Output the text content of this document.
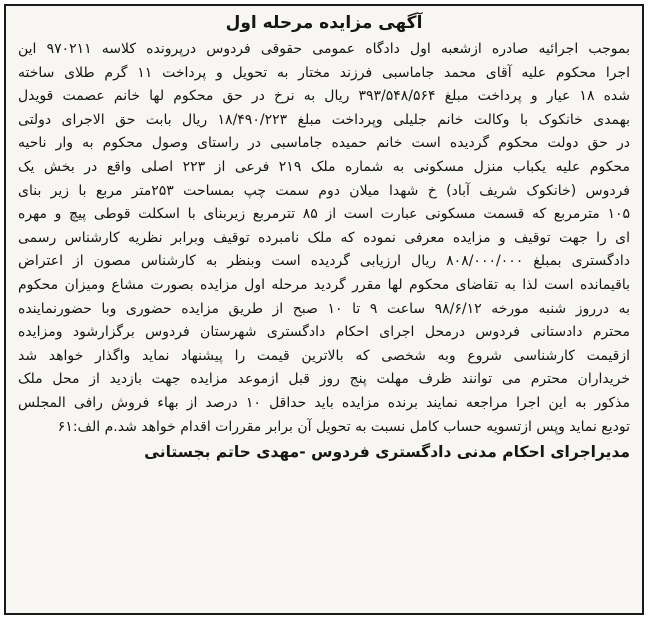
آگهی مزایده مرحله اول
بموجب اجرائیه صادره ازشعبه اول دادگاه عمومی حقوقی فردوس درپرونده کلاسه ۹۷۰۲۱۱ این
اجرا محکوم علیه آقای محمد جاماسبی فرزند مختار به تحویل و پرداخت ۱۱ گرم طلای ساخته
شده ۱۸ عیار و پرداخت مبلغ ۳۹۳/۵۴۸/۵۶۴ ریال به نرخ در حق محکوم لها خانم عصمت قویدل
بهمدی خانکوک با وکالت خانم جلیلی وپرداخت مبلغ ۱۸/۴۹۰/۲۲۳ ریال بابت حق الاجرای دولتی
در حق دولت محکوم گردیده است خانم حمیده جاماسبی در راستای وصول محکوم به وار ناحیه
محکوم علیه یکباب منزل مسکونی به شماره ملک ۲۱۹ فرعی از ۲۲۳ اصلی واقع در بخش یک
فردوس (خانکوک شریف آباد) خ شهدا میلان دوم سمت چپ بمساحت ۲۵۳متر مربع با زیر بنای
۱۰۵ مترمربع که قسمت مسکونی عبارت است از ۸۵ تترمربع زیربنای با اسکلت قوطی پیچ و مهره
ای را جهت توقیف و مزایده معرفی نموده که ملک نامبرده توقیف وبرابر نظریه کارشناس رسمی
دادگستری بمبلغ ۸۰۸/۰۰۰/۰۰۰ ریال ارزیابی گردیده است وبنظر به کارشناس مصون از اعتراض
باقیمانده است لذا به تقاضای محکوم لها مقرر گردید مرحله اول مزایده بصورت مشاع ومیزان محکوم
به درروز شنبه مورخه ۹۸/۶/۱۲ ساعت ۹ تا ۱۰ صبح از طریق مزایده حضوری وبا حضورنماینده
محترم دادستانی فردوس درمحل اجرای احکام دادگستری شهرستان فردوس برگزارشود ومزایده
ازقیمت کارشناسی شروع وبه شخصی که بالاترین قیمت را پیشنهاد نماید واگذار خواهد شد
خریداران محترم می توانند ظرف مهلت پنج روز قبل ازموعد مزایده جهت بازدید از محل ملک
مذکور به این اجرا مراجعه نمایند برنده مزایده باید حداقل ۱۰ درصد از بهاء فروش رافی المجلس
تودیع نماید وپس ازتسویه حساب کامل نسبت به تحویل آن برابر مقررات اقدام خواهد شد.م الف:۶۱
مدیراجرای احکام مدنی دادگستری فردوس -مهدی حاتم بجستانی
